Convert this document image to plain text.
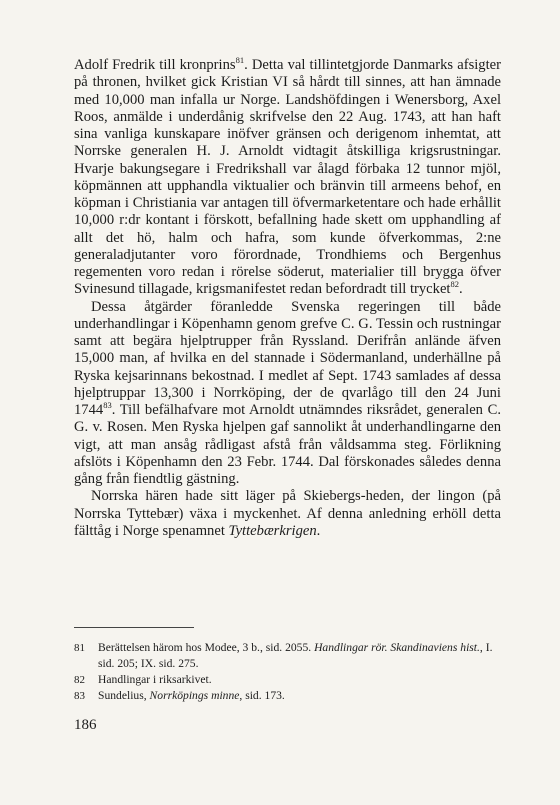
Adolf Fredrik till kronprins$^{81}$. Detta val tillintetgjorde Danmarks afsigter på thronen, hvilket gick Kristian VI så hårdt till sinnes, att han ämnade med 10,000 man infalla ur Norge. Landshöfdingen i Wenersborg, Axel Roos, anmälde i underdånig skrifvelse den 22 Aug. 1743, att han haft sina vanliga kunskapare inöfver gränsen och derigenom inhemtat, att Norrske generalen H. J. Arnoldt vidtagit åtskilliga krigsrustningar. Hvarje bakungsegare i Fredrikshall var ålagd förbaka 12 tunnor mjöl, köpmännen att upphandla viktualier och bränvin till armeens behof, en köpman i Christiania var antagen till öfvermarketentare och hade erhållit 10,000 r:dr kontant i förskott, befallning hade skett om upphandling af allt det hö, halm och hafra, som kunde öfverkommas, 2:ne generaladjutanter voro förordnade, Trondhiems och Bergenhus regementen voro redan i rörelse söderut, materialier till brygga öfver Svinesund tillagade, krigsmanifestet redan befordradt till trycket$^{82}$.

Dessa åtgärder föranledde Svenska regeringen till både underhandlingar i Köpenhamn genom grefve C. G. Tessin och rustningar samt att begära hjelptrupper från Ryssland. Derifrån anlände äfven 15,000 man, af hvilka en del stannade i Södermanland, underhällne på Ryska kejsarinnans bekostnad. I medlet af Sept. 1743 samlades af dessa hjelptruppar 13,300 i Norrköping, der de qvarlågo till den 24 Juni 1744$^{83}$. Till befälhafvare mot Arnoldt utnämndes riksrådet, generalen C. G. v. Rosen. Men Ryska hjelpen gaf sannolikt åt underhandlingarne den vigt, att man ansåg rådligast afstå från våldsamma steg. Förlikning afslöts i Köpenhamn den 23 Febr. 1744. Dal förskonades således denna gång från fiendtlig gästning.

Norrska hären hade sitt läger på Skiebergs-heden, der lingon (på Norrska Tyttebær) växa i myckenhet. Af denna anledning erhöll detta fälttåg i Norge spenamnet Tyttebærkrigen.

81	Berättelsen härom hos Modee, 3 b., sid. 2055. Handlingar rör. Skandinaviens hist., I. sid. 205; IX. sid. 275.
82	Handlingar i riksarkivet.
83	Sundelius, Norrköpings minne, sid. 173.
186
